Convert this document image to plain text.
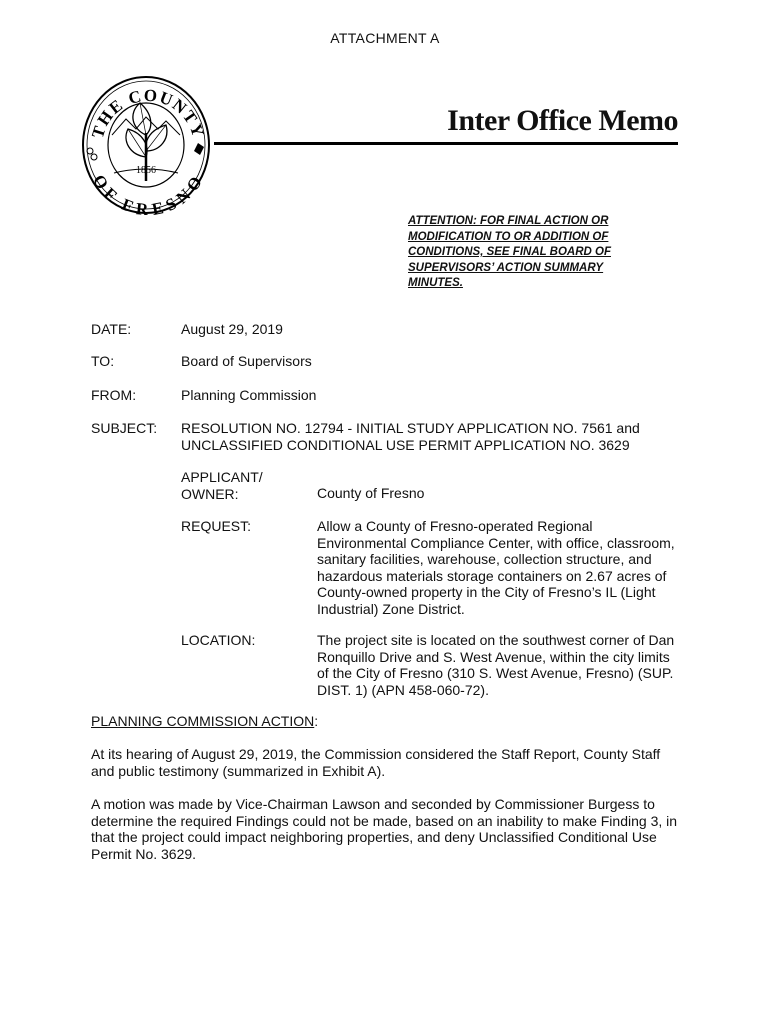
ATTACHMENT A
THE COUNTY
OF FRESNO
1856
Inter Office Memo
ATTENTION: FOR FINAL ACTION OR MODIFICATION TO OR ADDITION OF CONDITIONS, SEE FINAL BOARD OF SUPERVISORS’ ACTION SUMMARY MINUTES.
DATE:	August 29, 2019
TO:	Board of Supervisors
FROM:	Planning Commission
SUBJECT: RESOLUTION NO. 12794 - INITIAL STUDY APPLICATION NO. 7561 and
UNCLASSIFIED CONDITIONAL USE PERMIT APPLICATION NO. 3629
APPLICANT/
OWNER:	County of Fresno
REQUEST:	Allow a County of Fresno-operated Regional
Environmental Compliance Center, with office, classroom,
sanitary facilities, warehouse, collection structure, and
hazardous materials storage containers on 2.67 acres of
County-owned property in the City of Fresno’s IL (Light
Industrial) Zone District.
LOCATION:	The project site is located on the southwest corner of Dan
Ronquillo Drive and S. West Avenue, within the city limits
of the City of Fresno (310 S. West Avenue, Fresno) (SUP.
DIST. 1) (APN 458-060-72).
PLANNING COMMISSION ACTION:
At its hearing of August 29, 2019, the Commission considered the Staff Report, County Staff
and public testimony (summarized in Exhibit A).
A motion was made by Vice-Chairman Lawson and seconded by Commissioner Burgess to
determine the required Findings could not be made, based on an inability to make Finding 3, in
that the project could impact neighboring properties, and deny Unclassified Conditional Use
Permit No. 3629.
